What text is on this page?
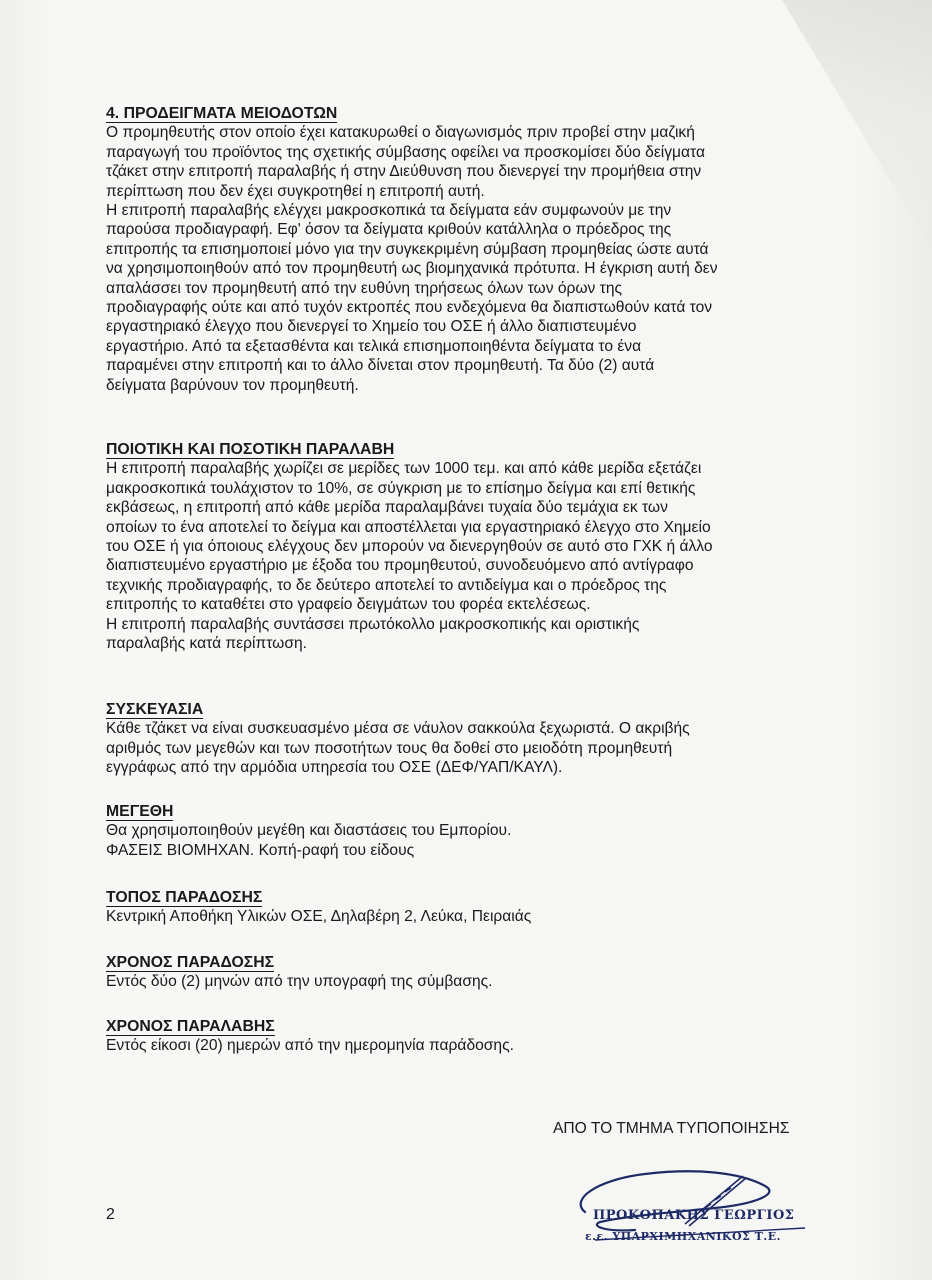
4. ΠΡΟΔΕΙΓΜΑΤΑ ΜΕΙΟΔΟΤΩΝ
Ο προμηθευτής στον οποίο έχει κατακυρωθεί ο διαγωνισμός πριν προβεί στην μαζική
παραγωγή του προϊόντος της σχετικής σύμβασης οφείλει να προσκομίσει δύο δείγματα
τζάκετ στην επιτροπή παραλαβής ή στην Διεύθυνση που διενεργεί την προμήθεια στην
περίπτωση που δεν έχει συγκροτηθεί η επιτροπή αυτή.
Η επιτροπή παραλαβής ελέγχει μακροσκοπικά τα δείγματα εάν συμφωνούν με την
παρούσα προδιαγραφή. Εφ' όσον τα δείγματα κριθούν κατάλληλα ο πρόεδρος της
επιτροπής τα επισημοποιεί μόνο για την συγκεκριμένη σύμβαση προμηθείας ώστε αυτά
να χρησιμοποιηθούν από τον προμηθευτή ως βιομηχανικά πρότυπα. Η έγκριση αυτή δεν
απαλάσσει τον προμηθευτή από την ευθύνη τηρήσεως όλων των όρων της
προδιαγραφής ούτε και από τυχόν εκτροπές που ενδεχόμενα θα διαπιστωθούν κατά τον
εργαστηριακό έλεγχο που διενεργεί το Χημείο του ΟΣΕ ή άλλο διαπιστευμένο
εργαστήριο. Από τα εξετασθέντα και τελικά επισημοποιηθέντα δείγματα το ένα
παραμένει στην επιτροπή και το άλλο δίνεται στον προμηθευτή. Τα δύο (2) αυτά
δείγματα βαρύνουν τον προμηθευτή.
ΠΟΙΟΤΙΚΗ ΚΑΙ ΠΟΣΟΤΙΚΗ ΠΑΡΑΛΑΒΗ
Η επιτροπή παραλαβής χωρίζει σε μερίδες των 1000 τεμ. και από κάθε μερίδα εξετάζει
μακροσκοπικά τουλάχιστον το 10%, σε σύγκριση με το επίσημο δείγμα και επί θετικής
εκβάσεως, η επιτροπή από κάθε μερίδα παραλαμβάνει τυχαία δύο τεμάχια εκ των
οποίων το ένα αποτελεί το δείγμα και αποστέλλεται για εργαστηριακό έλεγχο στο Χημείο
του ΟΣΕ ή για όποιους ελέγχους δεν μπορούν να διενεργηθούν σε αυτό στο ΓΧΚ ή άλλο
διαπιστευμένο εργαστήριο με έξοδα του προμηθευτού, συνοδευόμενο από αντίγραφο
τεχνικής προδιαγραφής, το δε δεύτερο αποτελεί το αντιδείγμα και ο πρόεδρος της
επιτροπής το καταθέτει στο γραφείο δειγμάτων του φορέα εκτελέσεως.
Η επιτροπή παραλαβής συντάσσει πρωτόκολλο μακροσκοπικής και οριστικής
παραλαβής κατά περίπτωση.
ΣΥΣΚΕΥΑΣΙΑ
Κάθε τζάκετ να είναι συσκευασμένο μέσα σε νάυλον σακκούλα ξεχωριστά. Ο ακριβής
αριθμός των μεγεθών και των ποσοτήτων τους θα δοθεί στο μειοδότη προμηθευτή
εγγράφως από την αρμόδια υπηρεσία του ΟΣΕ (ΔΕΦ/ΥΑΠ/ΚΑΥΛ).
ΜΕΓΕΘΗ
Θα χρησιμοποιηθούν μεγέθη και διαστάσεις του Εμπορίου.
ΦΑΣΕΙΣ ΒΙΟΜΗΧΑΝ. Κοπή-ραφή του είδους
ΤΟΠΟΣ ΠΑΡΑΔΟΣΗΣ
Κεντρική Αποθήκη Υλικών ΟΣΕ, Δηλαβέρη 2, Λεύκα, Πειραιάς
ΧΡΟΝΟΣ ΠΑΡΑΔΟΣΗΣ
Εντός δύο (2) μηνών από την υπογραφή της σύμβασης.
ΧΡΟΝΟΣ ΠΑΡΑΛΑΒΗΣ
Εντός είκοσι (20) ημερών από την ημερομηνία παράδοσης.
ΑΠΟ ΤΟ ΤΜΗΜΑ ΤΥΠΟΠΟΙΗΣΗΣ
2	ΠΡΟΚΟΠΑΚΗΣ ΓΕΩΡΓΙΟΣ
ε.ε. ΥΠΑΡΧΙΜΗΧΑΝΙΚΟΣ Τ.Ε.
